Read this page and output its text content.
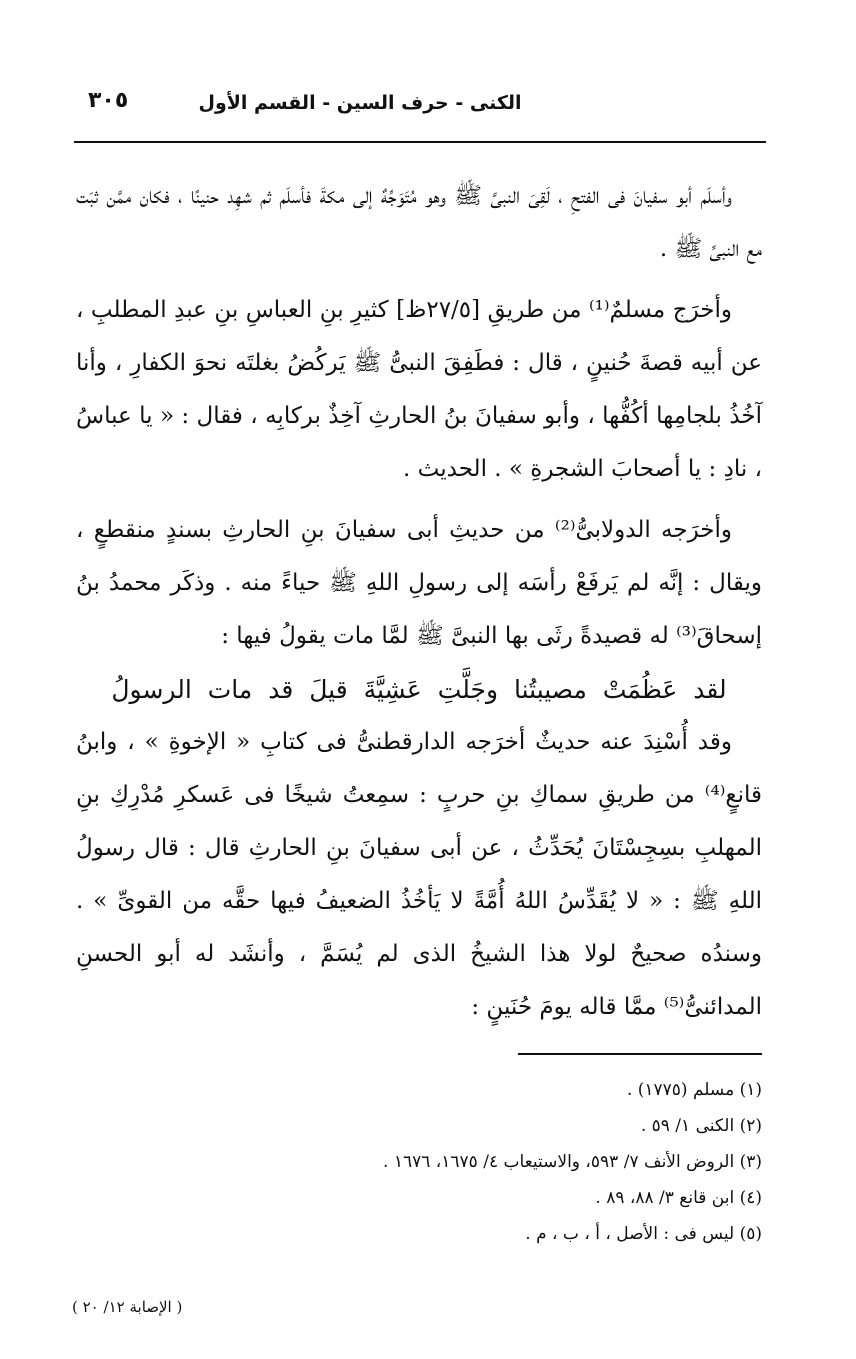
٣٠٥	الكنى - حرف السين - القسم الأول

وأسلَم أبو سفيانَ فى الفتحِ ، لَقِىَ النبىَّ ﷺ وهو مُتَوَجِّهٌ إلى مكةَ فأسلَم ثم شهِد حنينًا ، فكان ممَّن ثبَت مع النبىِّ ﷺ .

وأخرَج مسلمٌ⁽¹⁾ من طريقِ [٢٧/٥ظ] كثيرِ بنِ العباسِ بنِ عبدِ المطلبِ ، عن أبيه قصةَ حُنينٍ ، قال : فطَفِقَ النبىُّ ﷺ يَركُضُ بغلتَه نحوَ الكفارِ ، وأنا آخُذُ بلجامِها أكُفُّها ، وأبو سفيانَ بنُ الحارثِ آخِذٌ بركابِه ، فقال : « يا عباسُ ، نادِ : يا أصحابَ الشجرةِ » . الحديث .

وأخرَجه الدولابىُّ⁽²⁾ من حديثِ أبى سفيانَ بنِ الحارثِ بسندٍ منقطعٍ ، ويقال : إنَّه لم يَرفَعْ رأسَه إلى رسولِ اللهِ ﷺ حياءً منه . وذكَر محمدُ بنُ إسحاقَ⁽³⁾ له قصيدةً رثَى بها النبىَّ ﷺ لمَّا مات يقولُ فيها :

لقد عَظُمَتْ مصيبتُنا وجَلَّتِ عَشِيَّةَ قيلَ قد مات الرسولُ

وقد أُسْنِدَ عنه حديثٌ أخرَجه الدارقطنىُّ فى كتابِ « الإخوةِ » ، وابنُ قانعٍ⁽⁴⁾ من طريقِ سماكِ بنِ حربٍ : سمِعتُ شيخًا فى عَسكرِ مُدْرِكِ بنِ المهلبِ بسِجِسْتَانَ يُحَدِّثُ ، عن أبى سفيانَ بنِ الحارثِ قال : قال رسولُ اللهِ ﷺ : « لا يُقَدِّسُ اللهُ أُمَّةً لا يَأخُذُ الضعيفُ فيها حقَّه من القوىِّ » . وسندُه صحيحٌ لولا هذا الشيخُ الذى لم يُسَمَّ ، وأنشَد له أبو الحسنِ المدائنىُّ⁽⁵⁾ ممَّا قاله يومَ حُنَينٍ :

(١) مسلم (١٧٧٥) .
(٢) الكنى ١/ ٥٩ .
(٣) الروض الأنف ٧/ ٥٩٣، والاستيعاب ٤/ ١٦٧٥، ١٦٧٦ .
(٤) ابن قانع ٣/ ٨٨، ٨٩ .
(٥) ليس فى : الأصل ، أ ، ب ، م .
( الإصابة ١٢/ ٢٠ )
